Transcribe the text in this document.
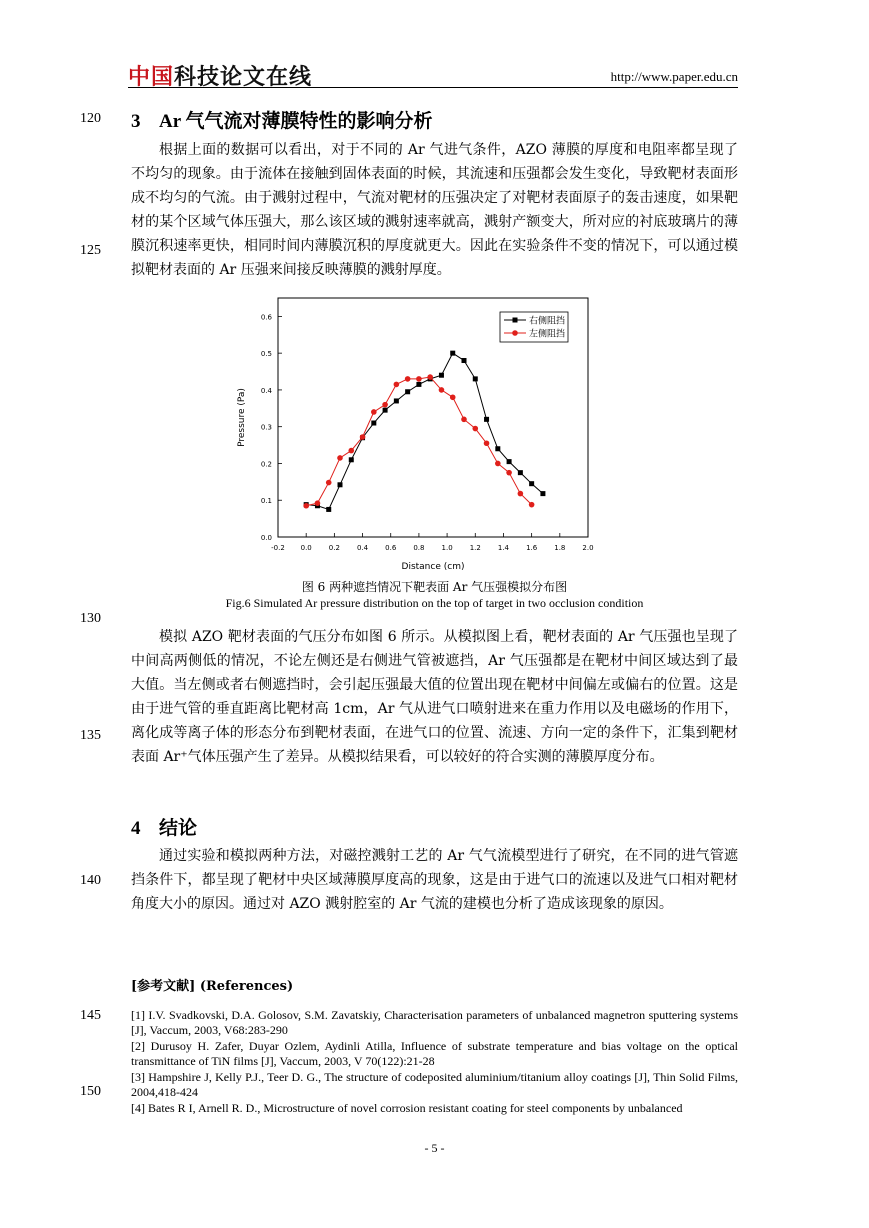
中国科技论文在线	http://www.paper.edu.cn
120
125
130
135
140
145
150
3 Ar 气气流对薄膜特性的影响分析

根据上面的数据可以看出，对于不同的 Ar 气进气条件，AZO 薄膜的厚度和电阻率都呈现了不均匀的现象。由于流体在接触到固体表面的时候，其流速和压强都会发生变化，导致靶材表面形成不均匀的气流。由于溅射过程中，气流对靶材的压强决定了对靶材表面原子的轰击速度，如果靶材的某个区域气体压强大，那么该区域的溅射速率就高，溅射产额变大，所对应的衬底玻璃片的薄膜沉积速率更快，相同时间内薄膜沉积的厚度就更大。因此在实验条件不变的情况下，可以通过模拟靶材表面的 Ar 压强来间接反映薄膜的溅射厚度。

-0.2 0.0 0.2 0.4 0.6 0.8 1.0 1.2 1.4 1.6 1.8 2.0
0.0
0.1
0.2
0.3
0.4
0.5
0.6	右侧阻挡
左侧阻挡
Distance (cm)
Pressure (Pa)
图 6 两种遮挡情况下靶表面 Ar 气压强模拟分布图
Fig.6 Simulated Ar pressure distribution on the top of target in two occlusion condition

模拟 AZO 靶材表面的气压分布如图 6 所示。从模拟图上看，靶材表面的 Ar 气压强也呈现了中间高两侧低的情况，不论左侧还是右侧进气管被遮挡，Ar 气压强都是在靶材中间区域达到了最大值。当左侧或者右侧遮挡时，会引起压强最大值的位置出现在靶材中间偏左或偏右的位置。这是由于进气管的垂直距离比靶材高 1cm，Ar 气从进气口喷射进来在重力作用以及电磁场的作用下，离化成等离子体的形态分布到靶材表面，在进气口的位置、流速、方向一定的条件下，汇集到靶材表面 Ar⁺气体压强产生了差异。从模拟结果看，可以较好的符合实测的薄膜厚度分布。

4 结论

通过实验和模拟两种方法，对磁控溅射工艺的 Ar 气气流模型进行了研究，在不同的进气管遮挡条件下，都呈现了靶材中央区域薄膜厚度高的现象，这是由于进气口的流速以及进气口相对靶材角度大小的原因。通过对 AZO 溅射腔室的 Ar 气流的建模也分析了造成该现象的原因。

[参考文献] (References)
[1] I.V. Svadkovski, D.A. Golosov, S.M. Zavatskiy, Characterisation parameters of unbalanced magnetron sputtering systems [J], Vaccum, 2003, V68:283-290
[2] Durusoy H. Zafer, Duyar Ozlem, Aydinli Atilla, Influence of substrate temperature and bias voltage on the optical transmittance of TiN films [J], Vaccum, 2003, V 70(122):21-28
[3] Hampshire J, Kelly P.J., Teer D. G., The structure of codeposited aluminium/titanium alloy coatings [J], Thin Solid Films, 2004,418-424
[4] Bates R I, Arnell R. D., Microstructure of novel corrosion resistant coating for steel components by unbalanced
- 5 -
